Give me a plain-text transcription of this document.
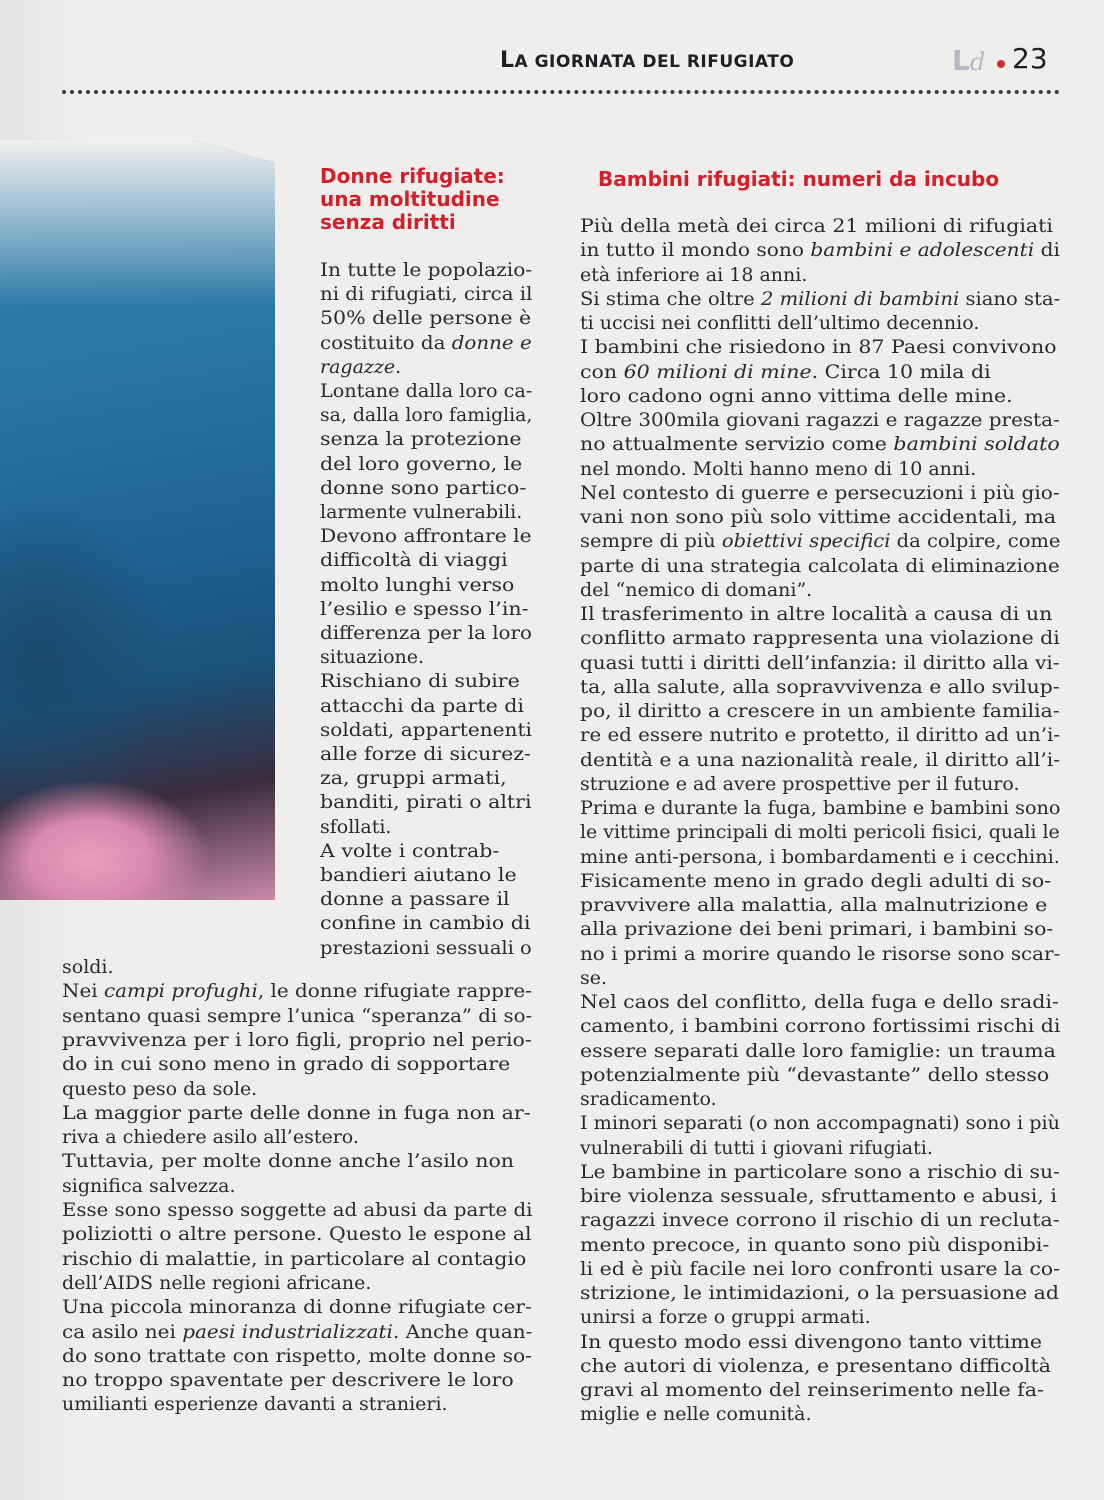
LA GIORNATA DEL RIFUGIATO	Ld 23
Donne rifugiate:
una moltitudine
senza diritti
Bambini rifugiati: numeri da incubo
In tutte le popolazio-
ni di rifugiati, circa il
50% delle persone è
costituito da donne e
ragazze.
Lontane dalla loro ca-
sa, dalla loro famiglia,
senza la protezione
del loro governo, le
donne sono partico-
larmente vulnerabili.
Devono affrontare le
difficoltà di viaggi
molto lunghi verso
l’esilio e spesso l’in-
differenza per la loro
situazione.
Rischiano di subire
attacchi da parte di
soldati, appartenenti
alle forze di sicurez-
za, gruppi armati,
banditi, pirati o altri
sfollati.
A volte i contrab-
bandieri aiutano le
donne a passare il
confine in cambio di
prestazioni sessuali o
soldi.
Nei campi profughi, le donne rifugiate rappre-
sentano quasi sempre l’unica “speranza” di so-
pravvivenza per i loro figli, proprio nel perio-
do in cui sono meno in grado di sopportare
questo peso da sole.
La maggior parte delle donne in fuga non ar-
riva a chiedere asilo all’estero.
Tuttavia, per molte donne anche l’asilo non
significa salvezza.
Esse sono spesso soggette ad abusi da parte di
poliziotti o altre persone. Questo le espone al
rischio di malattie, in particolare al contagio
dell’AIDS nelle regioni africane.
Una piccola minoranza di donne rifugiate cer-
ca asilo nei paesi industrializzati. Anche quan-
do sono trattate con rispetto, molte donne so-
no troppo spaventate per descrivere le loro
umilianti esperienze davanti a stranieri.
Più della metà dei circa 21 milioni di rifugiati
in tutto il mondo sono bambini e adolescenti di
età inferiore ai 18 anni.
Si stima che oltre 2 milioni di bambini siano sta-
ti uccisi nei conflitti dell’ultimo decennio.
I bambini che risiedono in 87 Paesi convivono
con 60 milioni di mine. Circa 10 mila di
loro cadono ogni anno vittima delle mine.
Oltre 300mila giovani ragazzi e ragazze presta-
no attualmente servizio come bambini soldato
nel mondo. Molti hanno meno di 10 anni.
Nel contesto di guerre e persecuzioni i più gio-
vani non sono più solo vittime accidentali, ma
sempre di più obiettivi specifici da colpire, come
parte di una strategia calcolata di eliminazione
del “nemico di domani”.
Il trasferimento in altre località a causa di un
conflitto armato rappresenta una violazione di
quasi tutti i diritti dell’infanzia: il diritto alla vi-
ta, alla salute, alla sopravvivenza e allo svilup-
po, il diritto a crescere in un ambiente familia-
re ed essere nutrito e protetto, il diritto ad un’i-
dentità e a una nazionalità reale, il diritto all’i-
struzione e ad avere prospettive per il futuro.
Prima e durante la fuga, bambine e bambini sono
le vittime principali di molti pericoli fisici, quali le
mine anti-persona, i bombardamenti e i cecchini.
Fisicamente meno in grado degli adulti di so-
pravvivere alla malattia, alla malnutrizione e
alla privazione dei beni primari, i bambini so-
no i primi a morire quando le risorse sono scar-
se.
Nel caos del conflitto, della fuga e dello sradi-
camento, i bambini corrono fortissimi rischi di
essere separati dalle loro famiglie: un trauma
potenzialmente più “devastante” dello stesso
sradicamento.
I minori separati (o non accompagnati) sono i più
vulnerabili di tutti i giovani rifugiati.
Le bambine in particolare sono a rischio di su-
bire violenza sessuale, sfruttamento e abusi, i
ragazzi invece corrono il rischio di un recluta-
mento precoce, in quanto sono più disponibi-
li ed è più facile nei loro confronti usare la co-
strizione, le intimidazioni, o la persuasione ad
unirsi a forze o gruppi armati.
In questo modo essi divengono tanto vittime
che autori di violenza, e presentano difficoltà
gravi al momento del reinserimento nelle fa-
miglie e nelle comunità.
